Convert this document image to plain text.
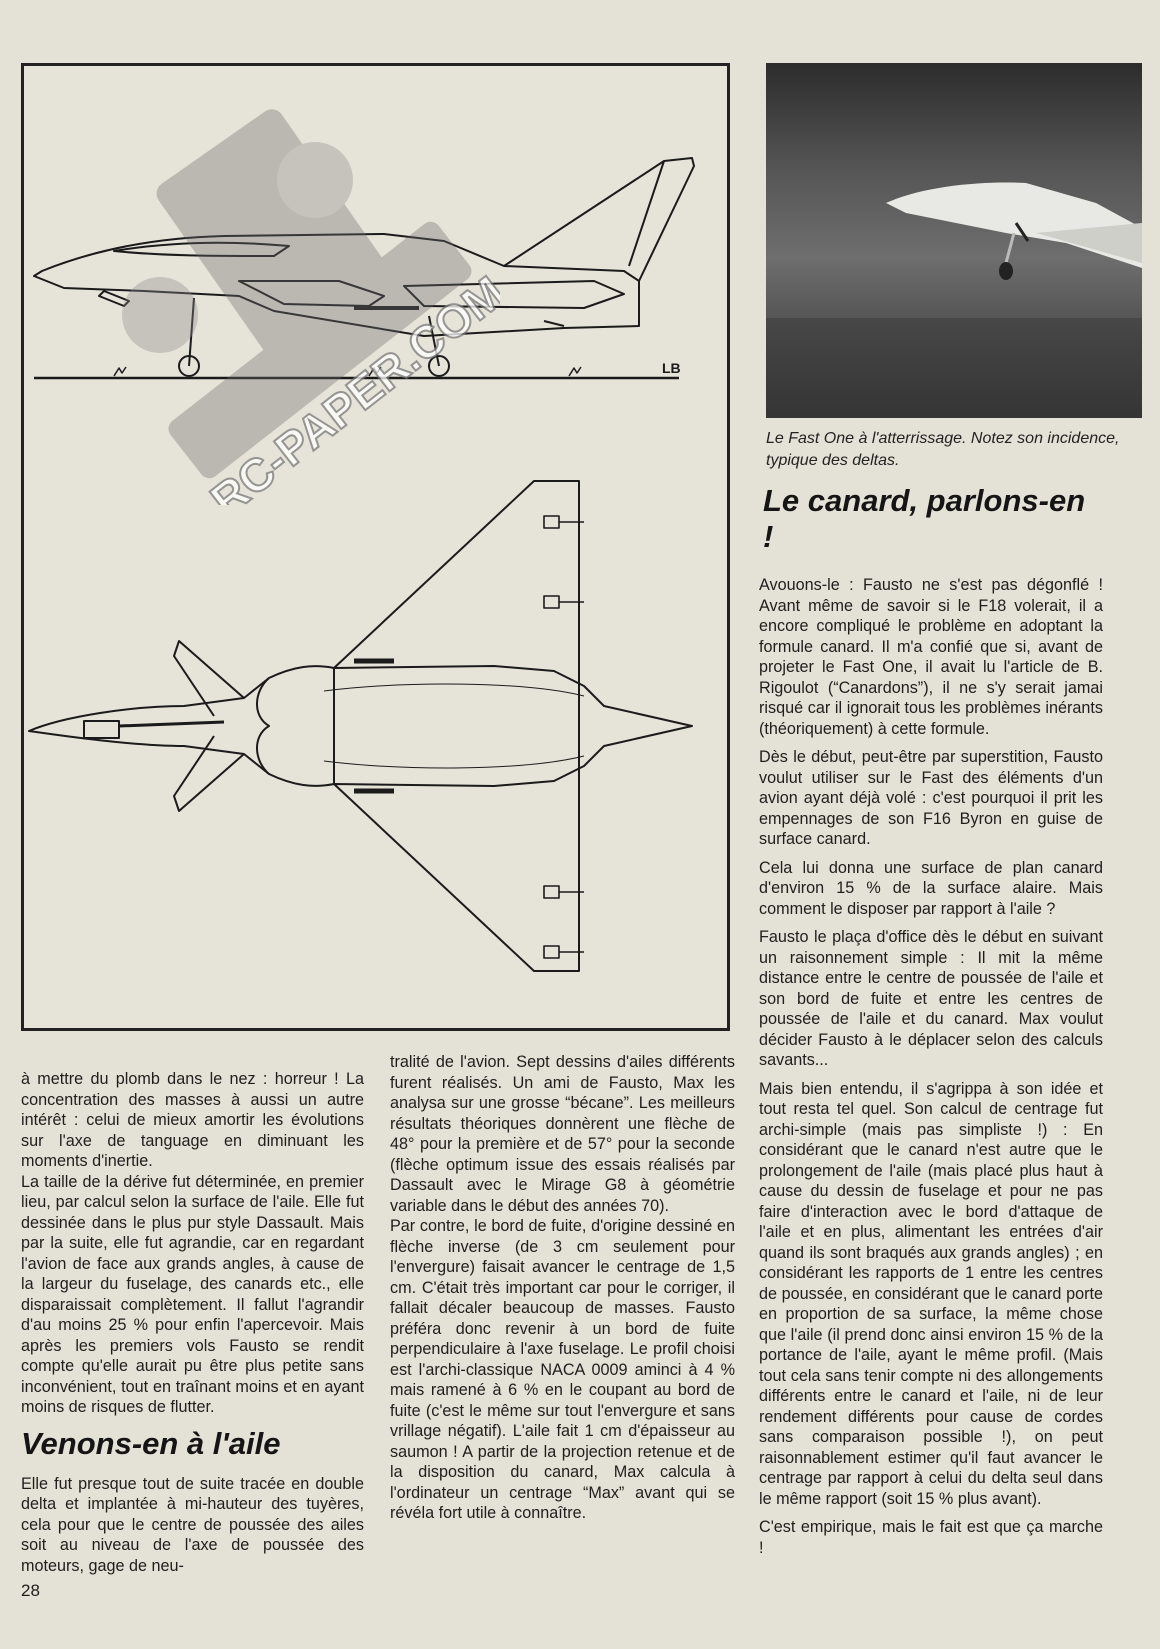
LB
RC-PAPER.COM	Le Fast One à l'atterrissage. Notez son incidence, typique des deltas.
Le canard, parlons-en !

Avouons-le : Fausto ne s'est pas dégonflé ! Avant même de savoir si le F18 volerait, il a encore compliqué le problème en adoptant la formule canard. Il m'a confié que si, avant de projeter le Fast One, il avait lu l'article de B. Rigoulot (“Canardons”), il ne s'y serait jamai risqué car il ignorait tous les problèmes inérants (théoriquement) à cette formule.

Dès le début, peut-être par superstition, Fausto voulut utiliser sur le Fast des éléments d'un avion ayant déjà volé : c'est pourquoi il prit les empennages de son F16 Byron en guise de surface canard.

Cela lui donna une surface de plan canard d'environ 15 % de la surface alaire. Mais comment le disposer par rapport à l'aile ?

Fausto le plaça d'office dès le début en suivant un raisonnement simple : Il mit la même distance entre le centre de poussée de l'aile et son bord de fuite et entre les centres de poussée de l'aile et du canard. Max voulut décider Fausto à le déplacer selon des calculs savants...

Mais bien entendu, il s'agrippa à son idée et tout resta tel quel. Son calcul de centrage fut archi-simple (mais pas simpliste !) : En considérant que le canard n'est autre que le prolongement de l'aile (mais placé plus haut à cause du dessin de fuselage et pour ne pas faire d'interaction avec le bord d'attaque de l'aile et en plus, alimentant les entrées d'air quand ils sont braqués aux grands angles) ; en considérant les rapports de 1 entre les centres de poussée, en considérant que le canard porte en proportion de sa surface, la même chose que l'aile (il prend donc ainsi environ 15 % de la portance de l'aile, ayant le même profil. (Mais tout cela sans tenir compte ni des allongements différents entre le canard et l'aile, ni de leur rendement différents pour cause de cordes sans comparaison possible !), on peut raisonnablement estimer qu'il faut avancer le centrage par rapport à celui du delta seul dans le même rapport (soit 15 % plus avant).

C'est empirique, mais le fait est que ça marche !

à mettre du plomb dans le nez : horreur ! La concentration des masses à aussi un autre intérêt : celui de mieux amortir les évolutions sur l'axe de tanguage en diminuant les moments d'inertie.

La taille de la dérive fut déterminée, en premier lieu, par calcul selon la surface de l'aile. Elle fut dessinée dans le plus pur style Dassault. Mais par la suite, elle fut agrandie, car en regardant l'avion de face aux grands angles, à cause de la largeur du fuselage, des canards etc., elle disparaissait complètement. Il fallut l'agrandir d'au moins 25 % pour enfin l'apercevoir. Mais après les premiers vols Fausto se rendit compte qu'elle aurait pu être plus petite sans inconvénient, tout en traînant moins et en ayant moins de risques de flutter.

Venons-en à l'aile

Elle fut presque tout de suite tracée en double delta et implantée à mi-hauteur des tuyères, cela pour que le centre de poussée des ailes soit au niveau de l'axe de poussée des moteurs, gage de neu-

tralité de l'avion. Sept dessins d'ailes différents furent réalisés. Un ami de Fausto, Max les analysa sur une grosse “bécane”. Les meilleurs résultats théoriques donnèrent une flèche de 48° pour la première et de 57° pour la seconde (flèche optimum issue des essais réalisés par Dassault avec le Mirage G8 à géométrie variable dans le début des années 70).

Par contre, le bord de fuite, d'origine dessiné en flèche inverse (de 3 cm seulement pour l'envergure) faisait avancer le centrage de 1,5 cm. C'était très important car pour le corriger, il fallait décaler beaucoup de masses. Fausto préféra donc revenir à un bord de fuite perpendiculaire à l'axe fuselage. Le profil choisi est l'archi-classique NACA 0009 aminci à 4 % mais ramené à 6 % en le coupant au bord de fuite (c'est le même sur tout l'envergure et sans vrillage négatif). L'aile fait 1 cm d'épaisseur au saumon ! A partir de la projection retenue et de la disposition du canard, Max calcula à l'ordinateur un centrage “Max” avant qui se révéla fort utile à connaître.

28
